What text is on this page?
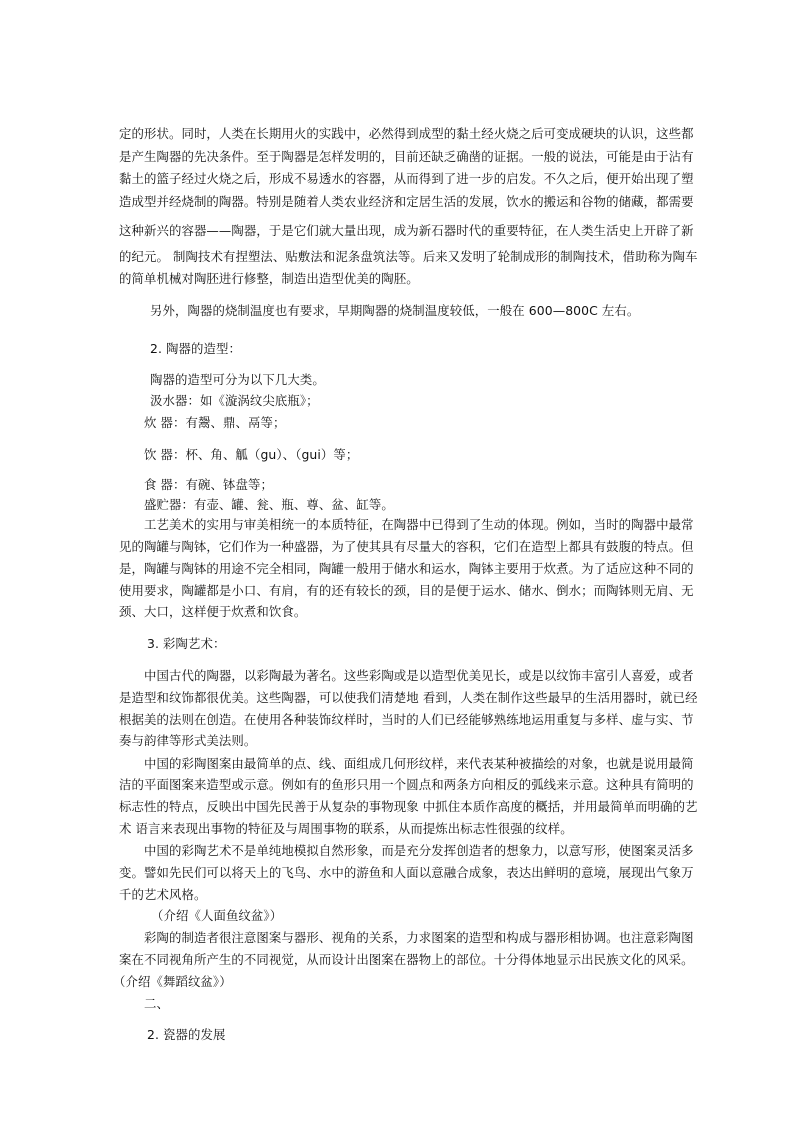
定的形状。同时，人类在长期用火的实践中，必然得到成型的黏土经火烧之后可变成硬块的认识，这些都
是产生陶器的先决条件。至于陶器是怎样发明的，目前还缺乏确凿的证据。一般的说法，可能是由于沾有
黏土的篮子经过火烧之后，形成不易透水的容器，从而得到了进一步的启发。不久之后，便开始出现了塑
造成型并经烧制的陶器。特别是随着人类农业经济和定居生活的发展，饮水的搬运和谷物的储藏，都需要
这种新兴的容器——陶器，于是它们就大量出现，成为新石器时代的重要特征，在人类生活史上开辟了新
的纪元。 制陶技术有捏塑法、贴敷法和泥条盘筑法等。后来又发明了轮制成形的制陶技术，借助称为陶车
的简单机械对陶胚进行修整，制造出造型优美的陶胚。
另外，陶器的烧制温度也有要求，早期陶器的烧制温度较低，一般在 600—800C 左右。
2. 陶器的造型：
陶器的造型可分为以下几大类。
汲水器：如《漩涡纹尖底瓶》；
炊 器：有鬶、鼎、鬲等；
饮 器：杯、角、觚（gu）、（gui）等；
食 器：有碗、钵盘等；
盛贮器：有壶、罐、瓮、瓶、尊、盆、缸等。
工艺美术的实用与审美相统一的本质特征，在陶器中已得到了生动的体现。例如，当时的陶器中最常
见的陶罐与陶钵，它们作为一种盛器，为了使其具有尽量大的容积，它们在造型上都具有鼓腹的特点。但
是，陶罐与陶钵的用途不完全相同，陶罐一般用于储水和运水，陶钵主要用于炊煮。为了适应这种不同的
使用要求，陶罐都是小口、有肩，有的还有较长的颈，目的是便于运水、储水、倒水；而陶钵则无肩、无
颈、大口，这样便于炊煮和饮食。
3. 彩陶艺术：
中国古代的陶器，以彩陶最为著名。这些彩陶或是以造型优美见长，或是以纹饰丰富引人喜爱，或者
是造型和纹饰都很优美。这些陶器，可以使我们清楚地 看到，人类在制作这些最早的生活用器时，就已经
根据美的法则在创造。在使用各种装饰纹样时，当时的人们已经能够熟练地运用重复与多样、虚与实、节
奏与韵律等形式美法则。
中国的彩陶图案由最简单的点、线、面组成几何形纹样，来代表某种被描绘的对象，也就是说用最简
洁的平面图案来造型或示意。例如有的鱼形只用一个圆点和两条方向相反的弧线来示意。这种具有简明的
标志性的特点，反映出中国先民善于从复杂的事物现象 中抓住本质作高度的概括，并用最简单而明确的艺
术 语言来表现出事物的特征及与周围事物的联系，从而提炼出标志性很强的纹样。
中国的彩陶艺术不是单纯地模拟自然形象，而是充分发挥创造者的想象力，以意写形，使图案灵活多
变。譬如先民们可以将天上的飞鸟、水中的游鱼和人面以意融合成象，表达出鲜明的意境，展现出气象万
千的艺术风格。
（介绍《人面鱼纹盆》）
彩陶的制造者很注意图案与器形、视角的关系，力求图案的造型和构成与器形相协调。也注意彩陶图
案在不同视角所产生的不同视觉，从而设计出图案在器物上的部位。十分得体地显示出民族文化的风采。
（介绍《舞蹈纹盆》）
二、
2. 瓷器的发展
